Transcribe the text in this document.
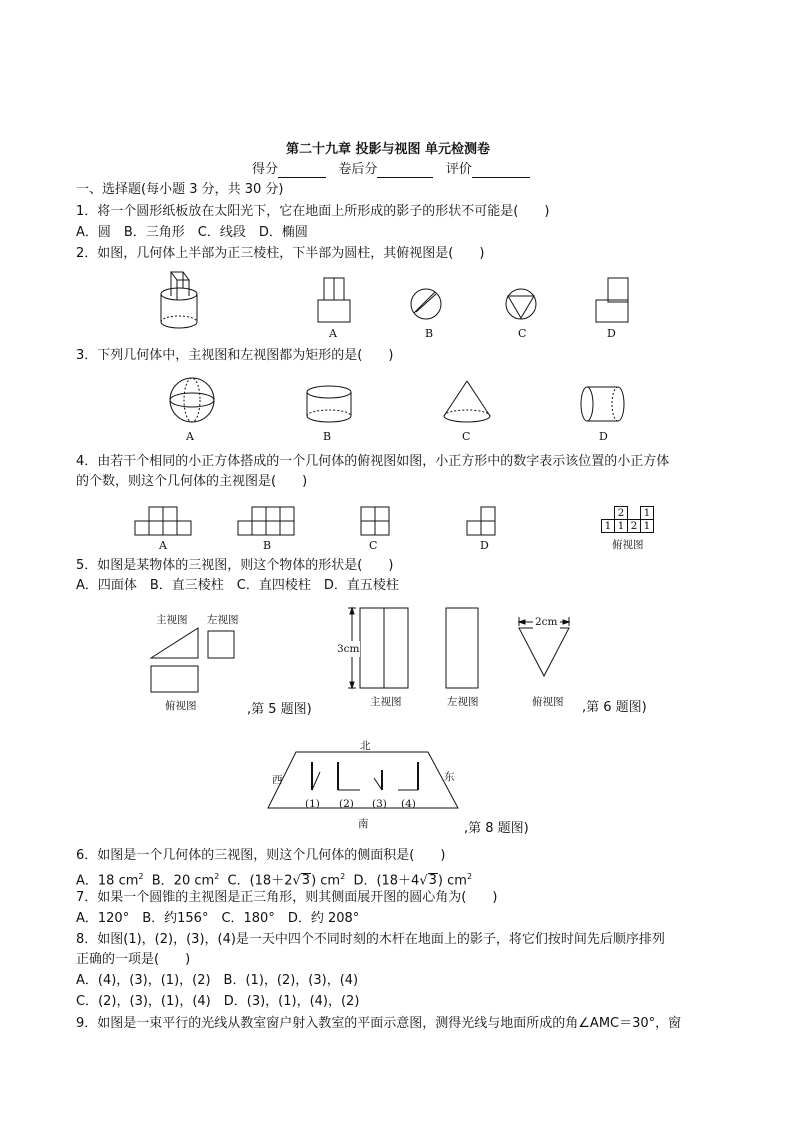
第二十九章 投影与视图 单元检测卷
得分	卷后分	评价
一、选择题(每小题 3 分，共 30 分)
1．将一个圆形纸板放在太阳光下，它在地面上所形成的影子的形状不可能是(　　)
A．圆　B．三角形　C．线段　D．椭圆
2．如图，几何体上半部为正三棱柱，下半部为圆柱，其俯视图是(　　)
A	B	C	D
3．下列几何体中，主视图和左视图都为矩形的是(　　)
A	B	C	D
4．由若干个相同的小正方体搭成的一个几何体的俯视图如图，小正方形中的数字表示该位置的小正方体
的个数，则这个几何体的主视图是(　　)
A	B	C	D
2	1
1 1 2 1
俯视图
5．如图是某物体的三视图，则这个物体的形状是(　　)
A．四面体　B．直三棱柱　C．直四棱柱　D．直五棱柱
主视图 左视图
俯视图	,第 5 题图)
3cm
主视图	左视图
2cm
俯视图 ,第 6 题图)
北
西	东
(1) (2) (3) (4)
南	,第 8 题图)
6．如图是一个几何体的三视图，则这个几何体的侧面积是(　　)
A．18 $cm^2$ B．20 $cm^2$ C．(18＋2√3) $cm^2$ D．(18＋4√3) $cm^2$
7．如果一个圆锥的主视图是正三角形，则其侧面展开图的圆心角为(　　)
A．120°　B．约156°　C．180°　D．约 208°
8．如图(1)，(2)，(3)，(4)是一天中四个不同时刻的木杆在地面上的影子，将它们按时间先后顺序排列
正确的一项是(　　)
A．(4)，(3)，(1)，(2)　B．(1)，(2)，(3)，(4)
C．(2)，(3)，(1)，(4)　D．(3)，(1)，(4)，(2)
9．如图是一束平行的光线从教室窗户射入教室的平面示意图，测得光线与地面所成的角∠AMC＝30°，窗
